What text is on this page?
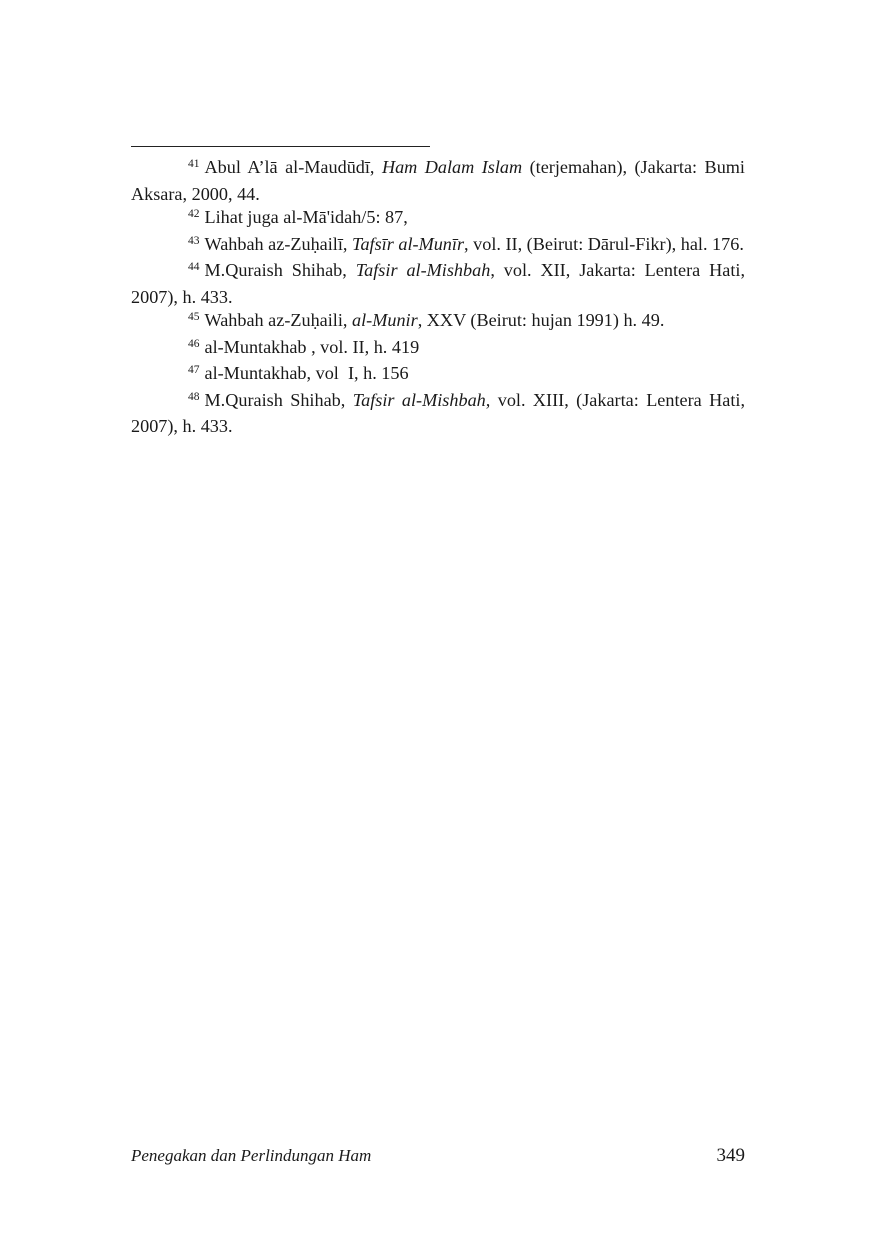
$^{41}$ Abul A’lā al-Maudūdī, Ham Dalam Islam (terjemahan), (Jakarta: Bumi Aksara, 2000, 44.

$^{42}$ Lihat juga al-Mā'idah/5: 87,

$^{43}$ Wahbah az-Zuḥailī, Tafsīr al-Munīr, vol. II, (Beirut: Dārul-Fikr), hal. 176.

$^{44}$ M.Quraish Shihab, Tafsir al-Mishbah, vol. XII, Jakarta: Lentera Hati, 2007), h. 433.

$^{45}$ Wahbah az-Zuḥaili, al-Munir, XXV (Beirut: hujan 1991) h. 49.

$^{46}$ al-Muntakhab , vol. II, h. 419

$^{47}$ al-Muntakhab, vol  I, h. 156

$^{48}$ M.Quraish Shihab, Tafsir al-Mishbah, vol. XIII, (Jakarta: Lentera Hati, 2007), h. 433.

Penegakan dan Perlindungan Ham	349
